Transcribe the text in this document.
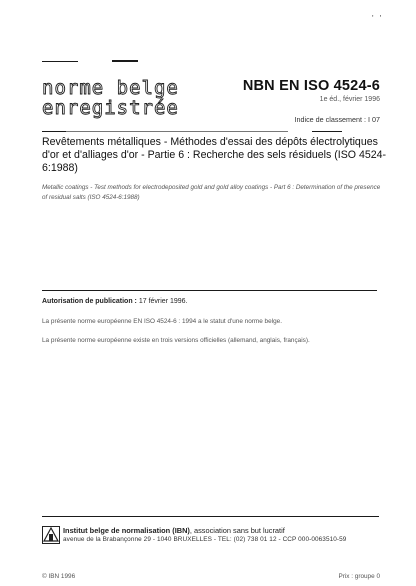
' '
norme belge
enregistrée
NBN EN ISO 4524-6
1e éd., février 1996
Indice de classement : I 07
Revêtements métalliques - Méthodes d'essai des dépôts électrolytiques d'or et d'alliages d'or - Partie 6 : Recherche des sels résiduels (ISO 4524-6:1988)
Metallic coatings - Test methods for electrodeposited gold and gold alloy coatings - Part 6 : Determination of the presence of residual salts (ISO 4524-6:1988)
Autorisation de publication : 17 février 1996.
La présente norme européenne EN ISO 4524-6 : 1994 a le statut d'une norme belge.
La présente norme européenne existe en trois versions officielles (allemand, anglais, français).
Institut belge de normalisation (IBN), association sans but lucratif
avenue de la Brabançonne 29 - 1040 BRUXELLES - TEL: (02) 738 01 12 - CCP 000-0063510-59
© IBN 1996	Prix : groupe 0
